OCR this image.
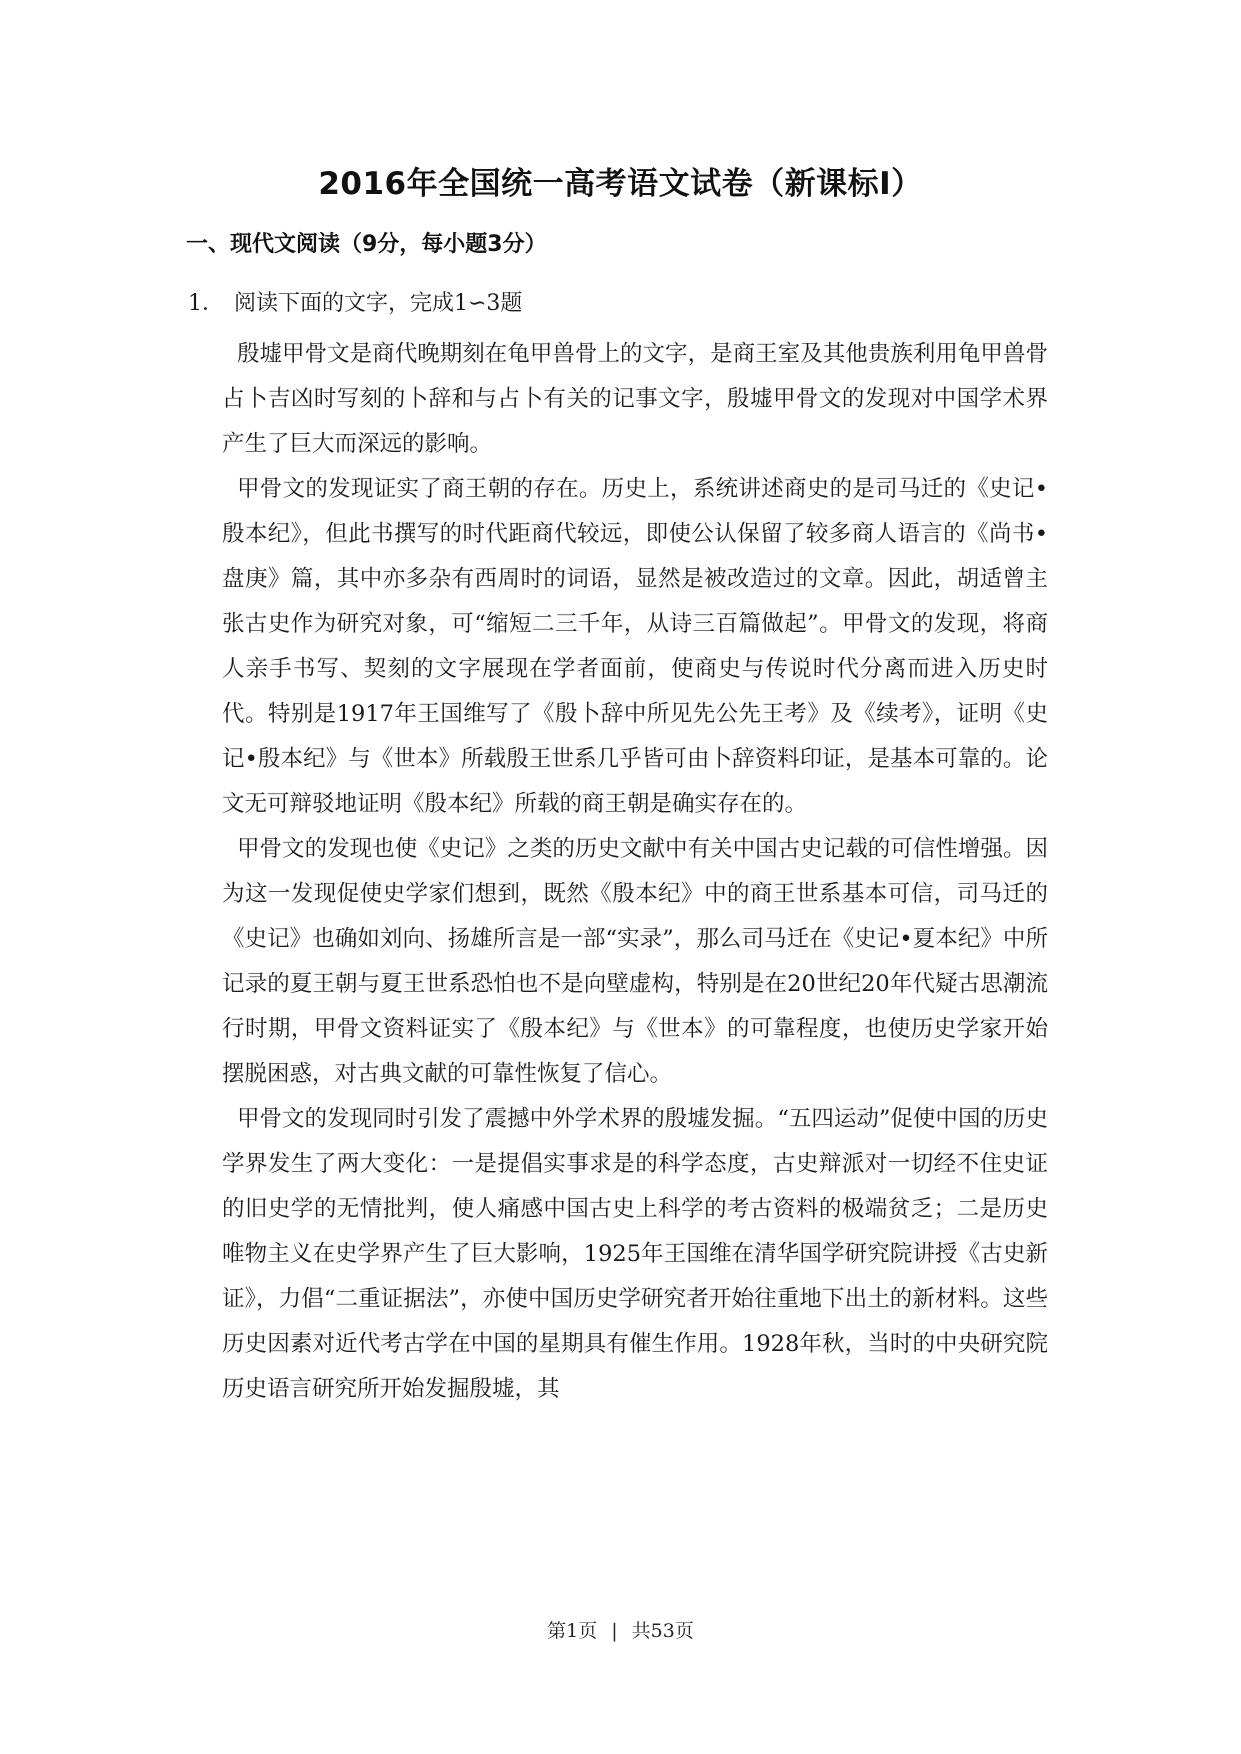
2016年全国统一高考语文试卷（新课标Ⅰ）
一、现代文阅读（9分，每小题3分）
1． 阅读下面的文字，完成1∽3题

殷墟甲骨文是商代晚期刻在龟甲兽骨上的文字，是商王室及其他贵族利用龟甲兽骨占卜吉凶时写刻的卜辞和与占卜有关的记事文字，殷墟甲骨文的发现对中国学术界产生了巨大而深远的影响。

甲骨文的发现证实了商王朝的存在。历史上，系统讲述商史的是司马迁的《史记•殷本纪》，但此书撰写的时代距商代较远，即使公认保留了较多商人语言的《尚书•盘庚》篇，其中亦多杂有西周时的词语，显然是被改造过的文章。因此，胡适曾主张古史作为研究对象，可“缩短二三千年，从诗三百篇做起”。甲骨文的发现，将商人亲手书写、契刻的文字展现在学者面前，使商史与传说时代分离而进入历史时代。特别是1917年王国维写了《殷卜辞中所见先公先王考》及《续考》，证明《史记•殷本纪》与《世本》所载殷王世系几乎皆可由卜辞资料印证，是基本可靠的。论文无可辩驳地证明《殷本纪》所载的商王朝是确实存在的。

甲骨文的发现也使《史记》之类的历史文献中有关中国古史记载的可信性增强。因为这一发现促使史学家们想到，既然《殷本纪》中的商王世系基本可信，司马迁的《史记》也确如刘向、扬雄所言是一部“实录”，那么司马迁在《史记•夏本纪》中所记录的夏王朝与夏王世系恐怕也不是向壁虚构，特别是在20世纪20年代疑古思潮流行时期，甲骨文资料证实了《殷本纪》与《世本》的可靠程度，也使历史学家开始摆脱困惑，对古典文献的可靠性恢复了信心。

甲骨文的发现同时引发了震撼中外学术界的殷墟发掘。“五四运动”促使中国的历史学界发生了两大变化：一是提倡实事求是的科学态度，古史辩派对一切经不住史证的旧史学的无情批判，使人痛感中国古史上科学的考古资料的极端贫乏；二是历史唯物主义在史学界产生了巨大影响，1925年王国维在清华国学研究院讲授《古史新证》，力倡“二重证据法”，亦使中国历史学研究者开始往重地下出土的新材料。这些历史因素对近代考古学在中国的星期具有催生作用。1928年秋，当时的中央研究院历史语言研究所开始发掘殷墟，其

第1页 | 共53页
